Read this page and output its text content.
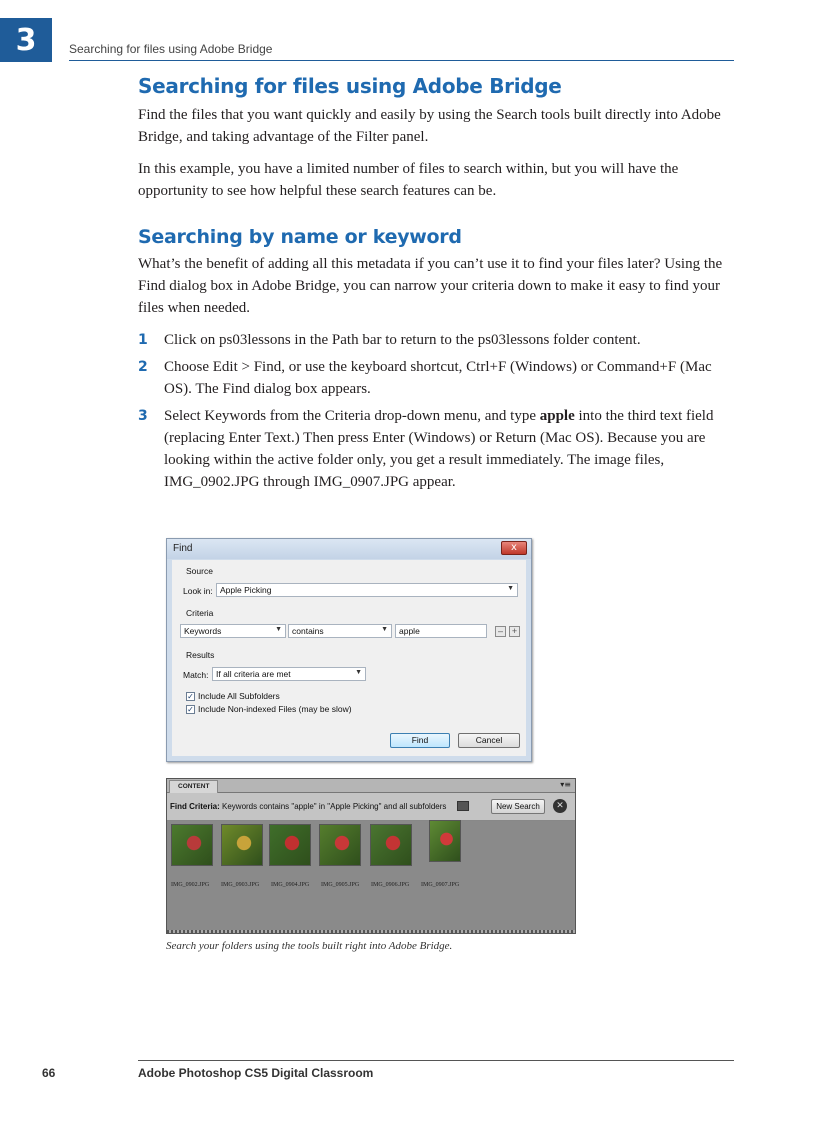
3	Searching for files using Adobe Bridge
Searching for files using Adobe Bridge

Find the files that you want quickly and easily by using the Search tools built directly into Adobe Bridge, and taking advantage of the Filter panel.

In this example, you have a limited number of files to search within, but you will have the opportunity to see how helpful these search features can be.

Searching by name or keyword

What’s the benefit of adding all this metadata if you can’t use it to find your files later? Using the Find dialog box in Adobe Bridge, you can narrow your criteria down to make it easy to find your files when needed.

1 Click on ps03lessons in the Path bar to return to the ps03lessons folder content.
2 Choose Edit > Find, or use the keyboard shortcut, Ctrl+F (Windows) or Command+F (Mac OS). The Find dialog box appears.
3 Select Keywords from the Criteria drop-down menu, and type apple into the third text field (replacing Enter Text.) Then press Enter (Windows) or Return (Mac OS). Because you are looking within the active folder only, you get a result immediately. The image files, IMG_0902.JPG through IMG_0907.JPG appear.
Find	x
Source
Look in: Apple Picking	▼
Criteria
Keywords	▼	contains	▼	apple	– +
Results
Match: If all criteria are met	▼
✓ Include All Subfolders
✓ Include Non-indexed Files (may be slow)
Find	Cancel
CONTENT	▾≡
Find Criteria: Keywords contains "apple" in "Apple Picking" and all subfolders	New Search	✕
IMG_0902.JPG IMG_0903.JPG IMG_0904.JPG IMG_0905.JPG IMG_0906.JPG IMG_0907.JPG
Search your folders using the tools built right into Adobe Bridge.
66	Adobe Photoshop CS5 Digital Classroom
